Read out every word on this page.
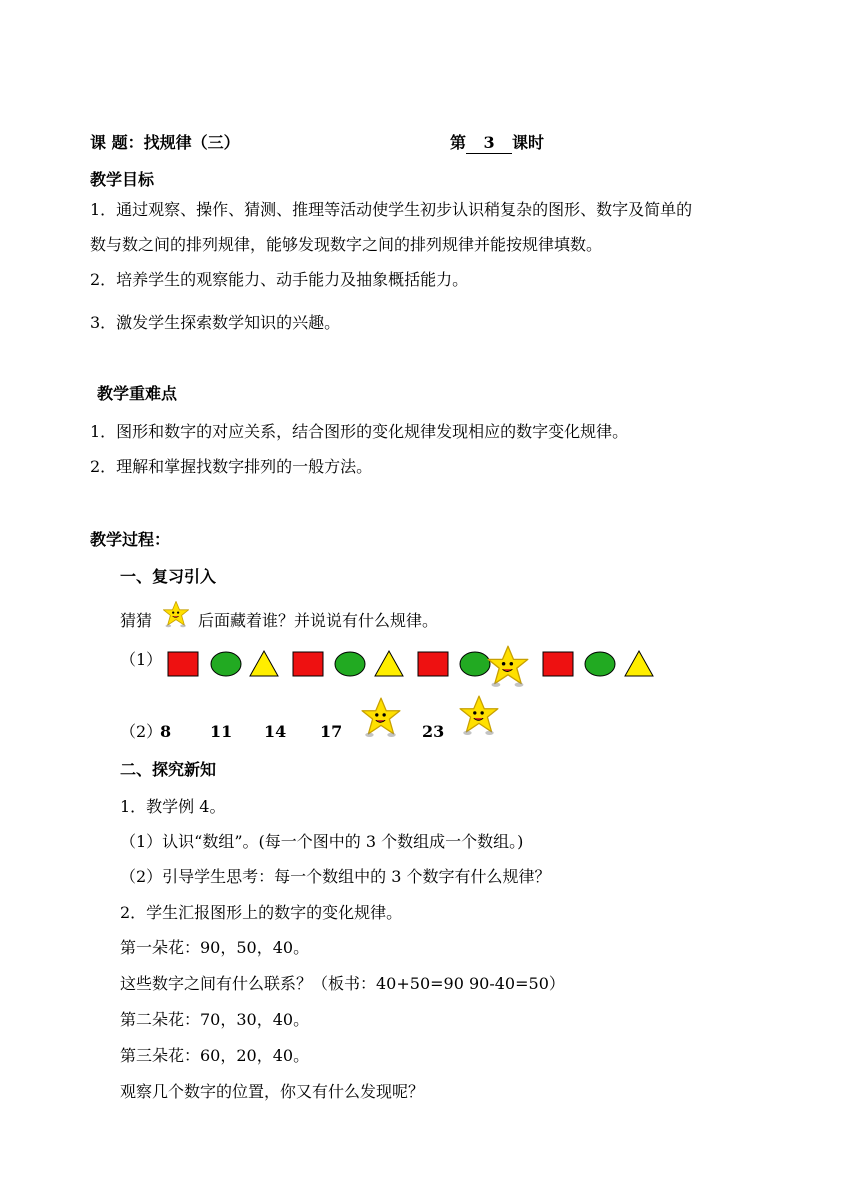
课 题：找规律（三）	第 3 课时
教学目标
1．通过观察、操作、猜测、推理等活动使学生初步认识稍复杂的图形、数字及简单的
数与数之间的排列规律，能够发现数字之间的排列规律并能按规律填数。
2．培养学生的观察能力、动手能力及抽象概括能力。
3．激发学生探索数学知识的兴趣。
教学重难点
1．图形和数字的对应关系，结合图形的变化规律发现相应的数字变化规律。
2．理解和掌握找数字排列的一般方法。
教学过程：
一、复习引入
猜猜	后面藏着谁？并说说有什么规律。
（1）
（2）
8 11 14 17	23
二、探究新知
1．教学例 4。
（1）认识“数组”。(每一个图中的 3 个数组成一个数组。)
（2）引导学生思考：每一个数组中的 3 个数字有什么规律？
2．学生汇报图形上的数字的变化规律。
第一朵花：90，50，40。
这些数字之间有什么联系？（板书：40+50=90 90-40=50）
第二朵花：70，30，40。
第三朵花：60，20，40。
观察几个数字的位置，你又有什么发现呢？
